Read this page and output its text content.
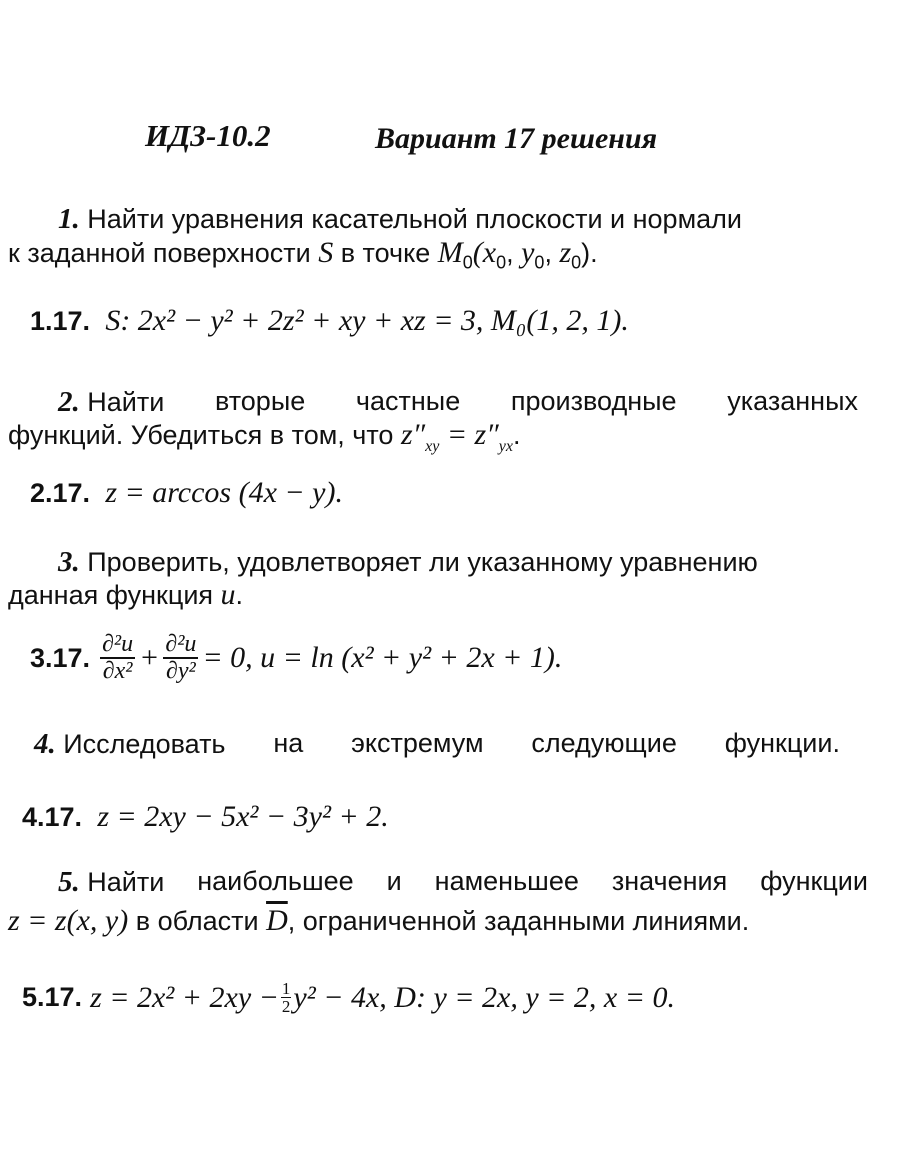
ИДЗ-10.2	Вариант 17 решения
1. Найти уравнения касательной плоскости и нормали
к заданной поверхности S в точке $M_0(x_0$, $y_0$, $z_0$).
1.17. S: 2x² − y² + 2z² + xy + xz = 3, M₀(1, 2, 1).
2. Найти вторые частные производные указанных
функций. Убедиться в том, что $z''_{xy} = z''_{yx}$.
2.17. z = arccos (4x − y).
3. Проверить, удовлетворяет ли указанному уравнению
данная функция u.
3.17. $\frac{\text{∂²u}}{\text{∂x²}} + \frac{\text{∂²u}}{\text{∂y²}} = 0$, u = ln (x² + y² + 2x + 1).
4. Исследовать на экстремум следующие функции.
4.17. z = 2xy − 5x² − 3y² + 2.
5. Найти наибольшее и наменьшее значения функции
z = z(x, y) в области $\overline{D}$, ограниченной заданными линиями.
5.17. $z = 2x^2 + 2xy - \frac{1}{2} y^2 - 4x$, D: y = 2x, y = 2, x = 0.
